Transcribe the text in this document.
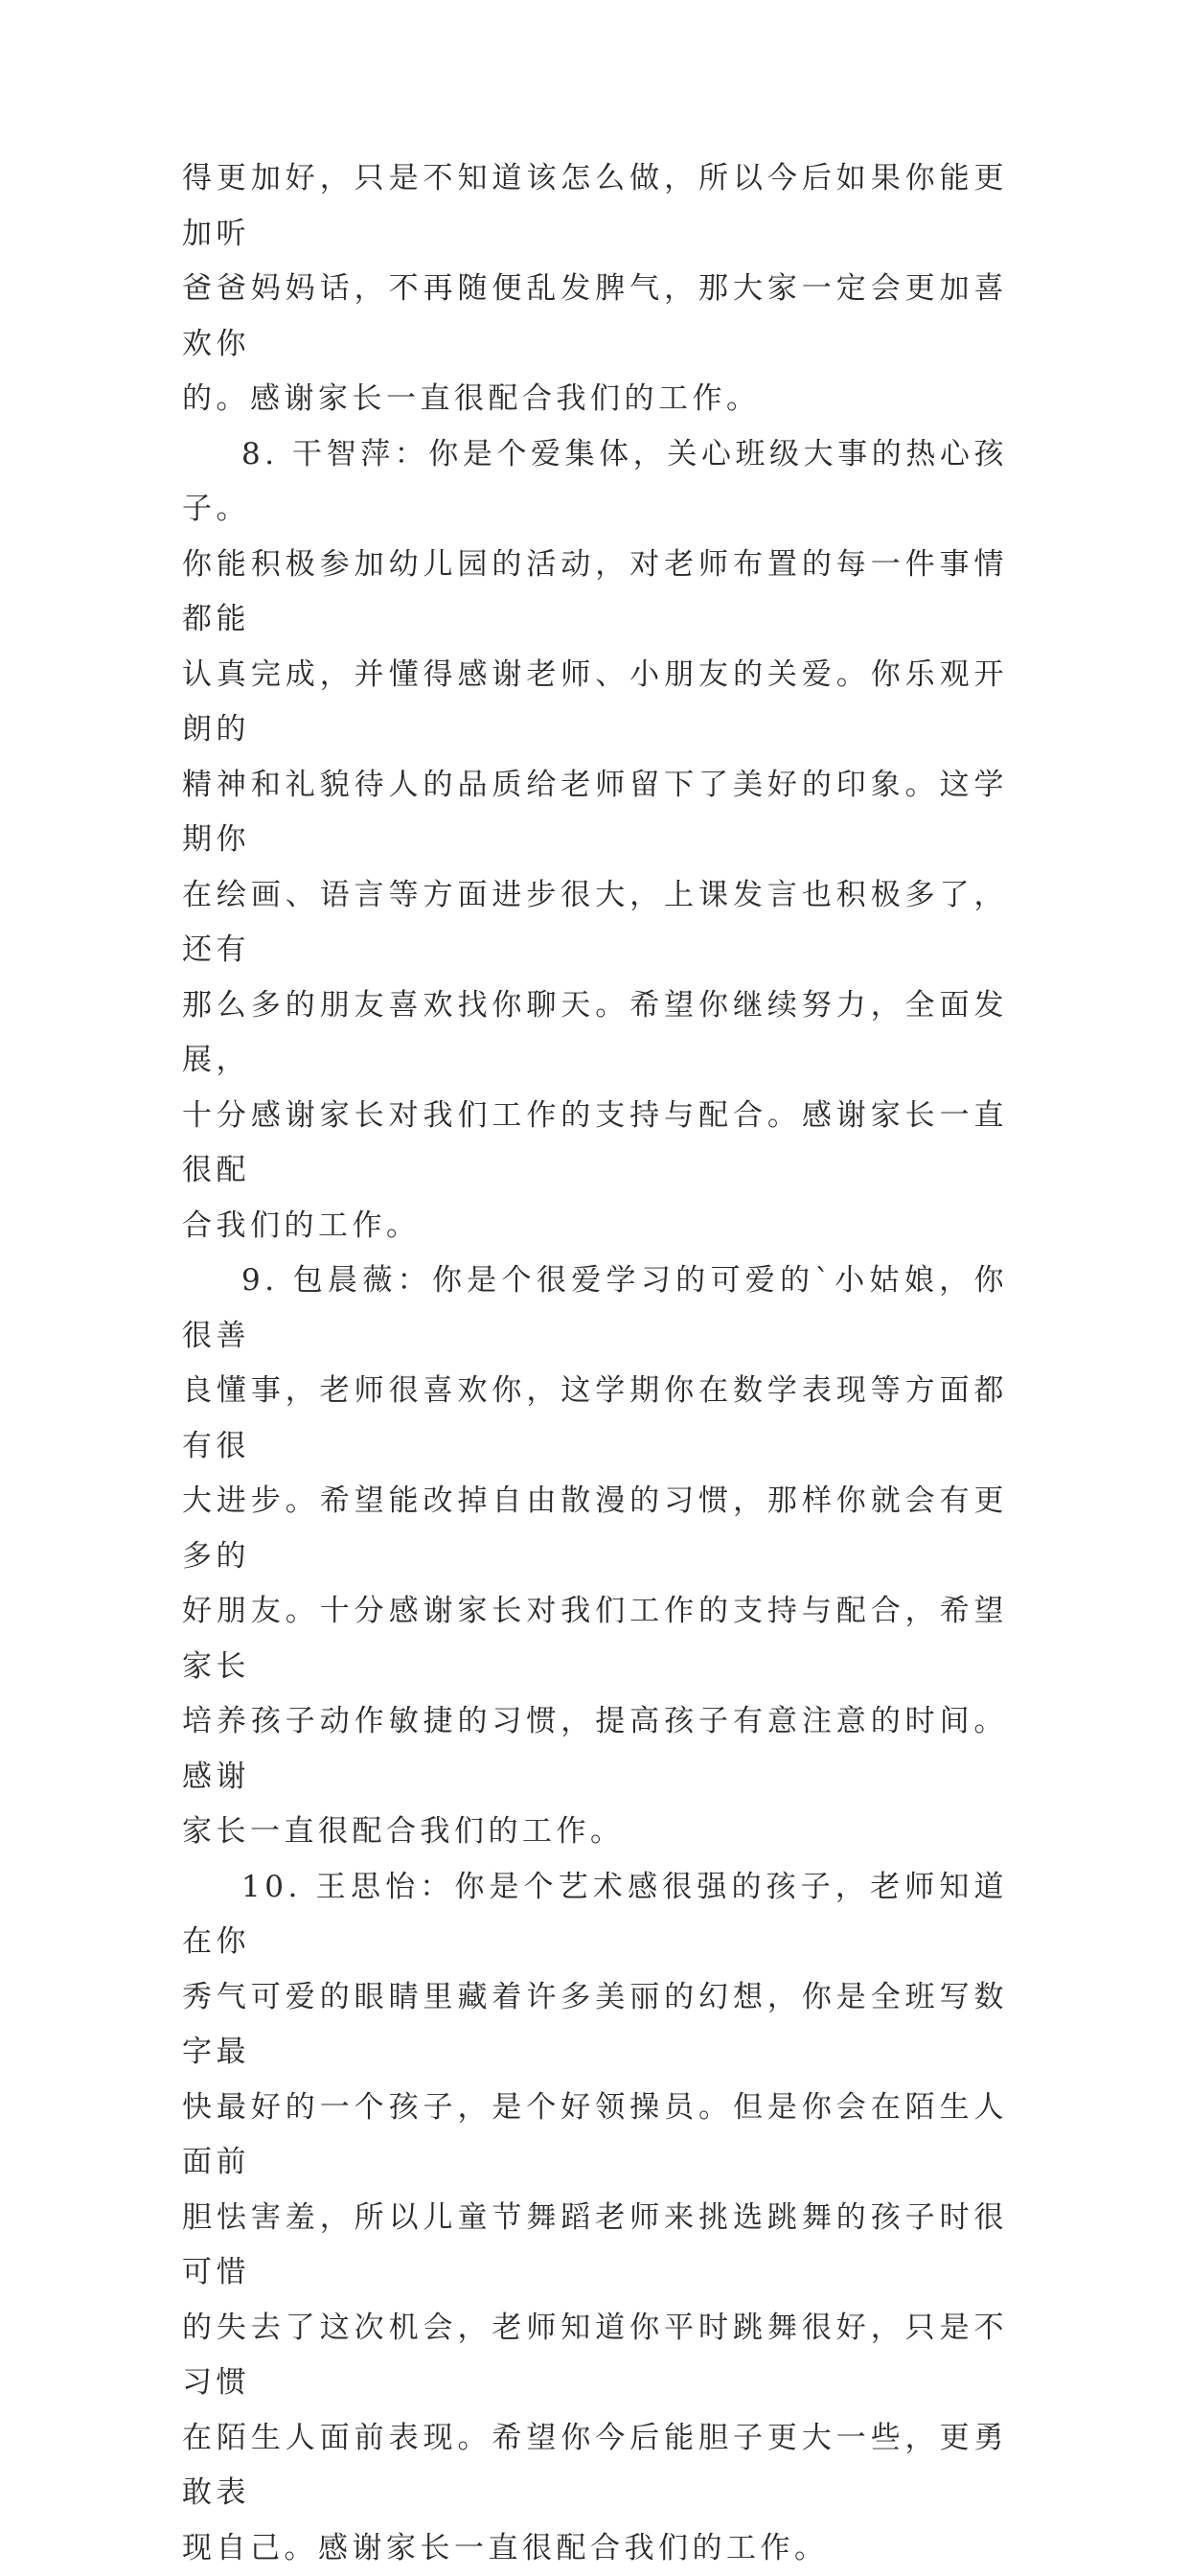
得更加好，只是不知道该怎么做，所以今后如果你能更加听
爸爸妈妈话，不再随便乱发脾气，那大家一定会更加喜欢你
的。感谢家长一直很配合我们的工作。

8. 干智萍：你是个爱集体，关心班级大事的热心孩子。
你能积极参加幼儿园的活动，对老师布置的每一件事情都能
认真完成，并懂得感谢老师、小朋友的关爱。你乐观开朗的
精神和礼貌待人的品质给老师留下了美好的印象。这学期你
在绘画、语言等方面进步很大，上课发言也积极多了，还有
那么多的朋友喜欢找你聊天。希望你继续努力，全面发展，
十分感谢家长对我们工作的支持与配合。感谢家长一直很配
合我们的工作。

9. 包晨薇：你是个很爱学习的可爱的`小姑娘，你很善
良懂事，老师很喜欢你，这学期你在数学表现等方面都有很
大进步。希望能改掉自由散漫的习惯，那样你就会有更多的
好朋友。十分感谢家长对我们工作的支持与配合，希望家长
培养孩子动作敏捷的习惯，提高孩子有意注意的时间。感谢
家长一直很配合我们的工作。

10. 王思怡：你是个艺术感很强的孩子，老师知道在你
秀气可爱的眼睛里藏着许多美丽的幻想，你是全班写数字最
快最好的一个孩子，是个好领操员。但是你会在陌生人面前
胆怯害羞，所以儿童节舞蹈老师来挑选跳舞的孩子时很可惜
的失去了这次机会，老师知道你平时跳舞很好，只是不习惯
在陌生人面前表现。希望你今后能胆子更大一些，更勇敢表
现自己。感谢家长一直很配合我们的工作。
